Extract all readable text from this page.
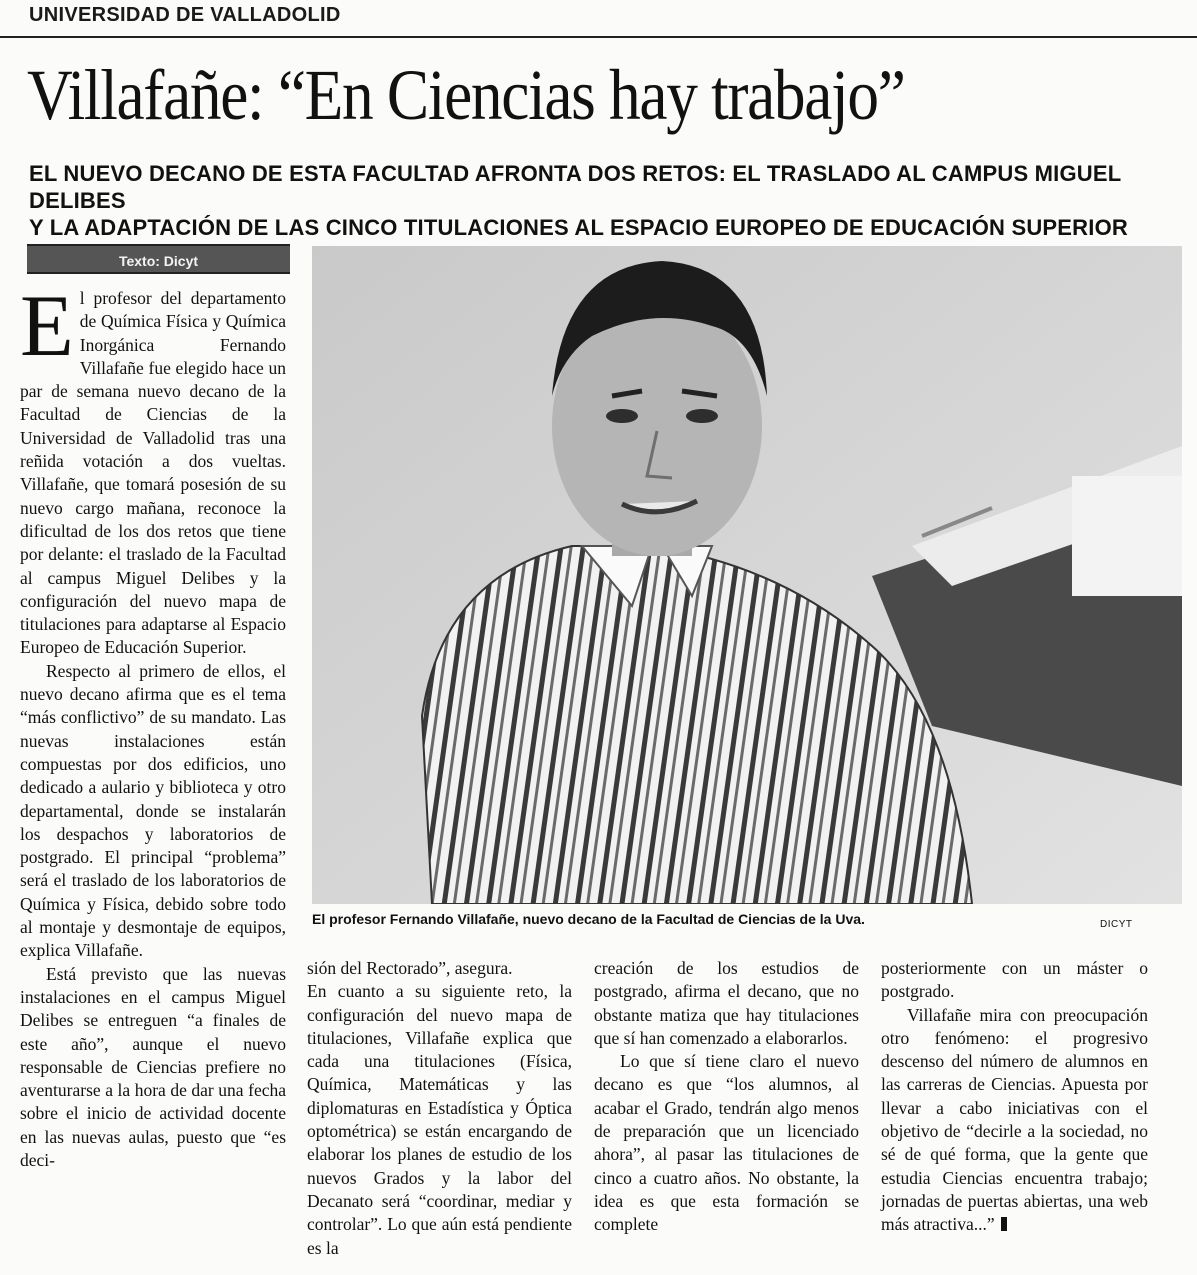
UNIVERSIDAD DE VALLADOLID
Villafañe: “En Ciencias hay trabajo”
EL NUEVO DECANO DE ESTA FACULTAD AFRONTA DOS RETOS: EL TRASLADO AL CAMPUS MIGUEL DELIBES
Y LA ADAPTACIÓN DE LAS CINCO TITULACIONES AL ESPACIO EUROPEO DE EDUCACIÓN SUPERIOR
Texto: Dicyt

El profesor del departamento de Química Física y Química Inorgánica Fernando Villafañe fue elegido hace un par de semana nuevo decano de la Facultad de Ciencias de la Universidad de Valladolid tras una reñida votación a dos vueltas. Villafañe, que tomará posesión de su nuevo cargo mañana, reconoce la dificultad de los dos retos que tiene por delante: el traslado de la Facultad al campus Miguel Delibes y la configuración del nuevo mapa de titulaciones para adaptarse al Espacio Europeo de Educación Superior.

Respecto al primero de ellos, el nuevo decano afirma que es el tema “más conflictivo” de su mandato. Las nuevas instalaciones están compuestas por dos edificios, uno dedicado a aulario y biblioteca y otro departamental, donde se instalarán los despachos y laboratorios de postgrado. El principal “problema” será el traslado de los laboratorios de Química y Física, debido sobre todo al montaje y desmontaje de equipos, explica Villafañe.

Está previsto que las nuevas instalaciones en el campus Miguel Delibes se entreguen “a finales de este año”, aunque el nuevo responsable de Ciencias prefiere no aventurarse a la hora de dar una fecha sobre el inicio de actividad docente en las nuevas aulas, puesto que “es deci-

El profesor Fernando Villafañe, nuevo decano de la Facultad de Ciencias de la Uva.	DICYT

sión del Rectorado”, asegura.

En cuanto a su siguiente reto, la configuración del nuevo mapa de titulaciones, Villafañe explica que cada una titulaciones (Física, Química, Matemáticas y las diplomaturas en Estadística y Óptica optométrica) se están encargando de elaborar los planes de estudio de los nuevos Grados y la labor del Decanato será “coordinar, mediar y controlar”. Lo que aún está pendiente es la

creación de los estudios de postgrado, afirma el decano, que no obstante matiza que hay titulaciones que sí han comenzado a elaborarlos.

Lo que sí tiene claro el nuevo decano es que “los alumnos, al acabar el Grado, tendrán algo menos de preparación que un licenciado ahora”, al pasar las titulaciones de cinco a cuatro años. No obstante, la idea es que esta formación se complete

posteriormente con un máster o postgrado.

Villafañe mira con preocupación otro fenómeno: el progresivo descenso del número de alumnos en las carreras de Ciencias. Apuesta por llevar a cabo iniciativas con el objetivo de “decirle a la sociedad, no sé de qué forma, que la gente que estudia Ciencias encuentra trabajo; jornadas de puertas abiertas, una web más atractiva...”
